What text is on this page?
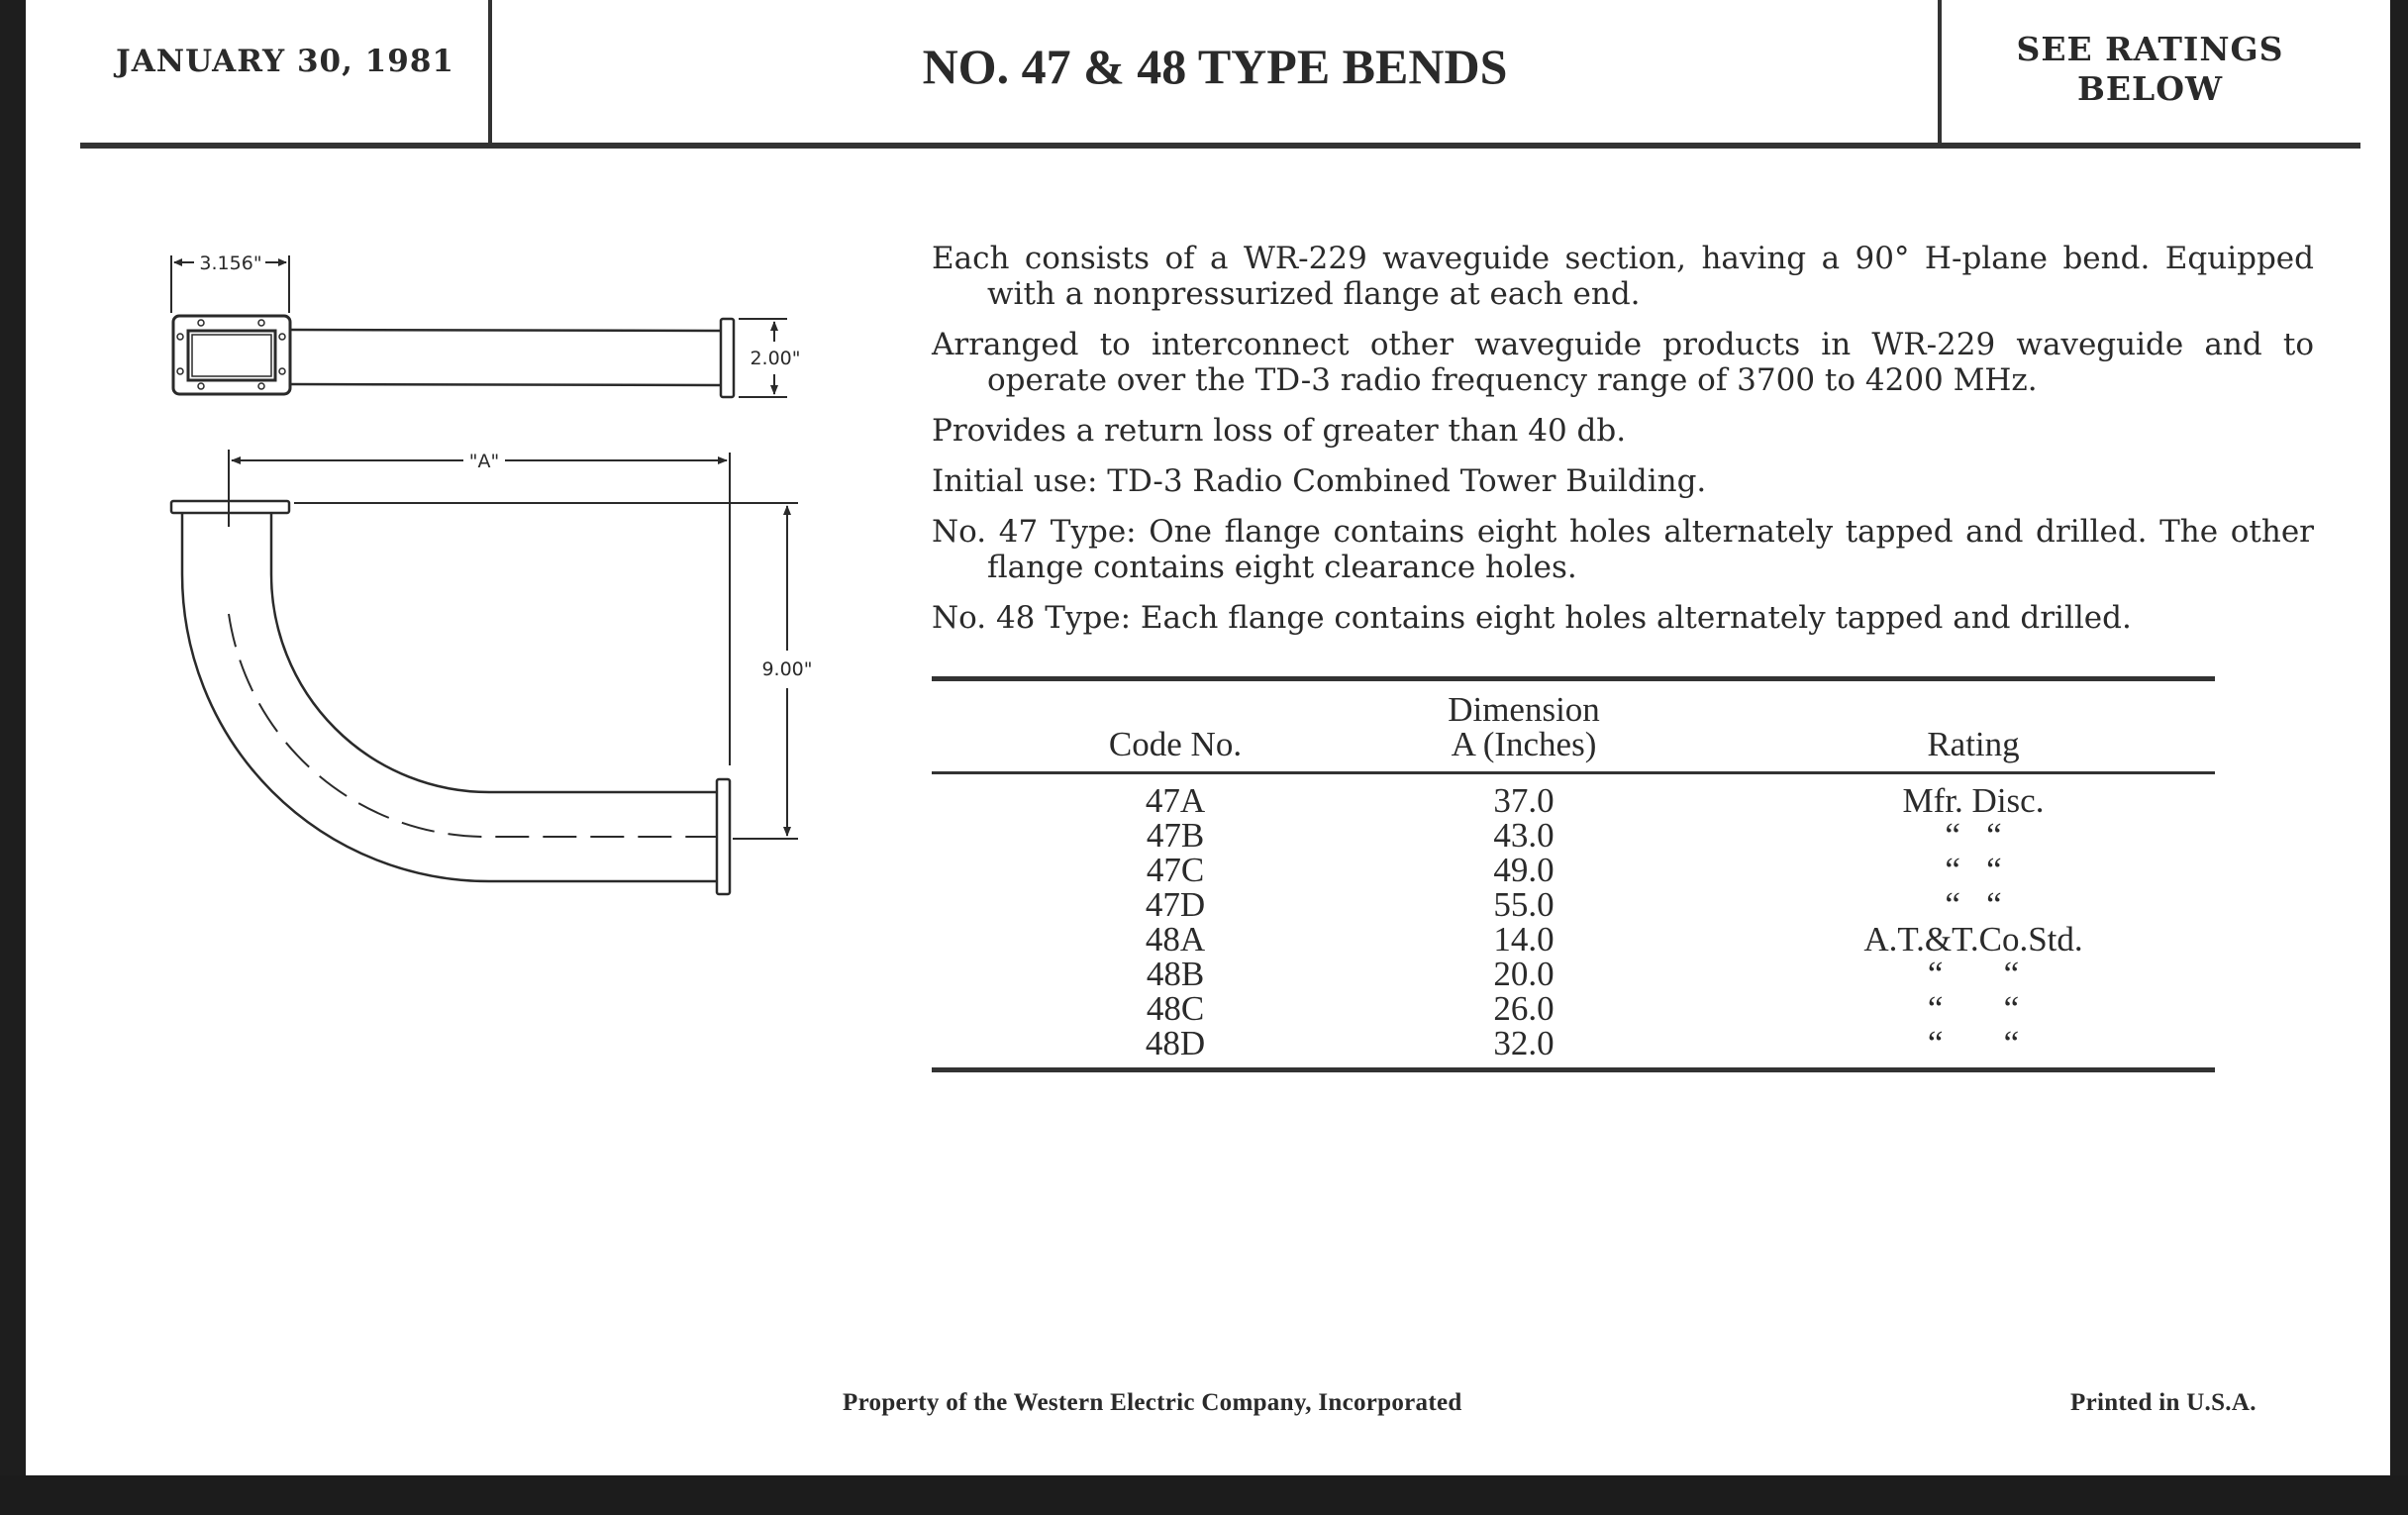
JANUARY 30, 1981	NO. 47 & 48 TYPE BENDS	SEE RATINGS
BELOW
3.156"
2.00"
"A"
9.00"

Each consists of a WR-229 waveguide section, having a 90° H-plane bend. Equipped with a nonpressurized flange at each end.

Arranged to interconnect other waveguide products in WR-229 waveguide and to operate over the TD-3 radio frequency range of 3700 to 4200 MHz.

Provides a return loss of greater than 40 db.

Initial use: TD-3 Radio Combined Tower Building.

No. 47 Type: One flange contains eight holes alternately tapped and drilled. The other flange contains eight clearance holes.

No. 48 Type: Each flange contains eight holes alternately tapped and drilled.

Dimension
Code No.	A (Inches)	Rating
47A	37.0	Mfr. Disc.
47B	43.0	“   “
47C	49.0	“   “
47D	55.0	“   “
48A	14.0	A.T.&T.Co.Std.
48B	20.0	“       “
48C	26.0	“       “
48D	32.0	“       “
Property of the Western Electric Company, Incorporated	Printed in U.S.A.
